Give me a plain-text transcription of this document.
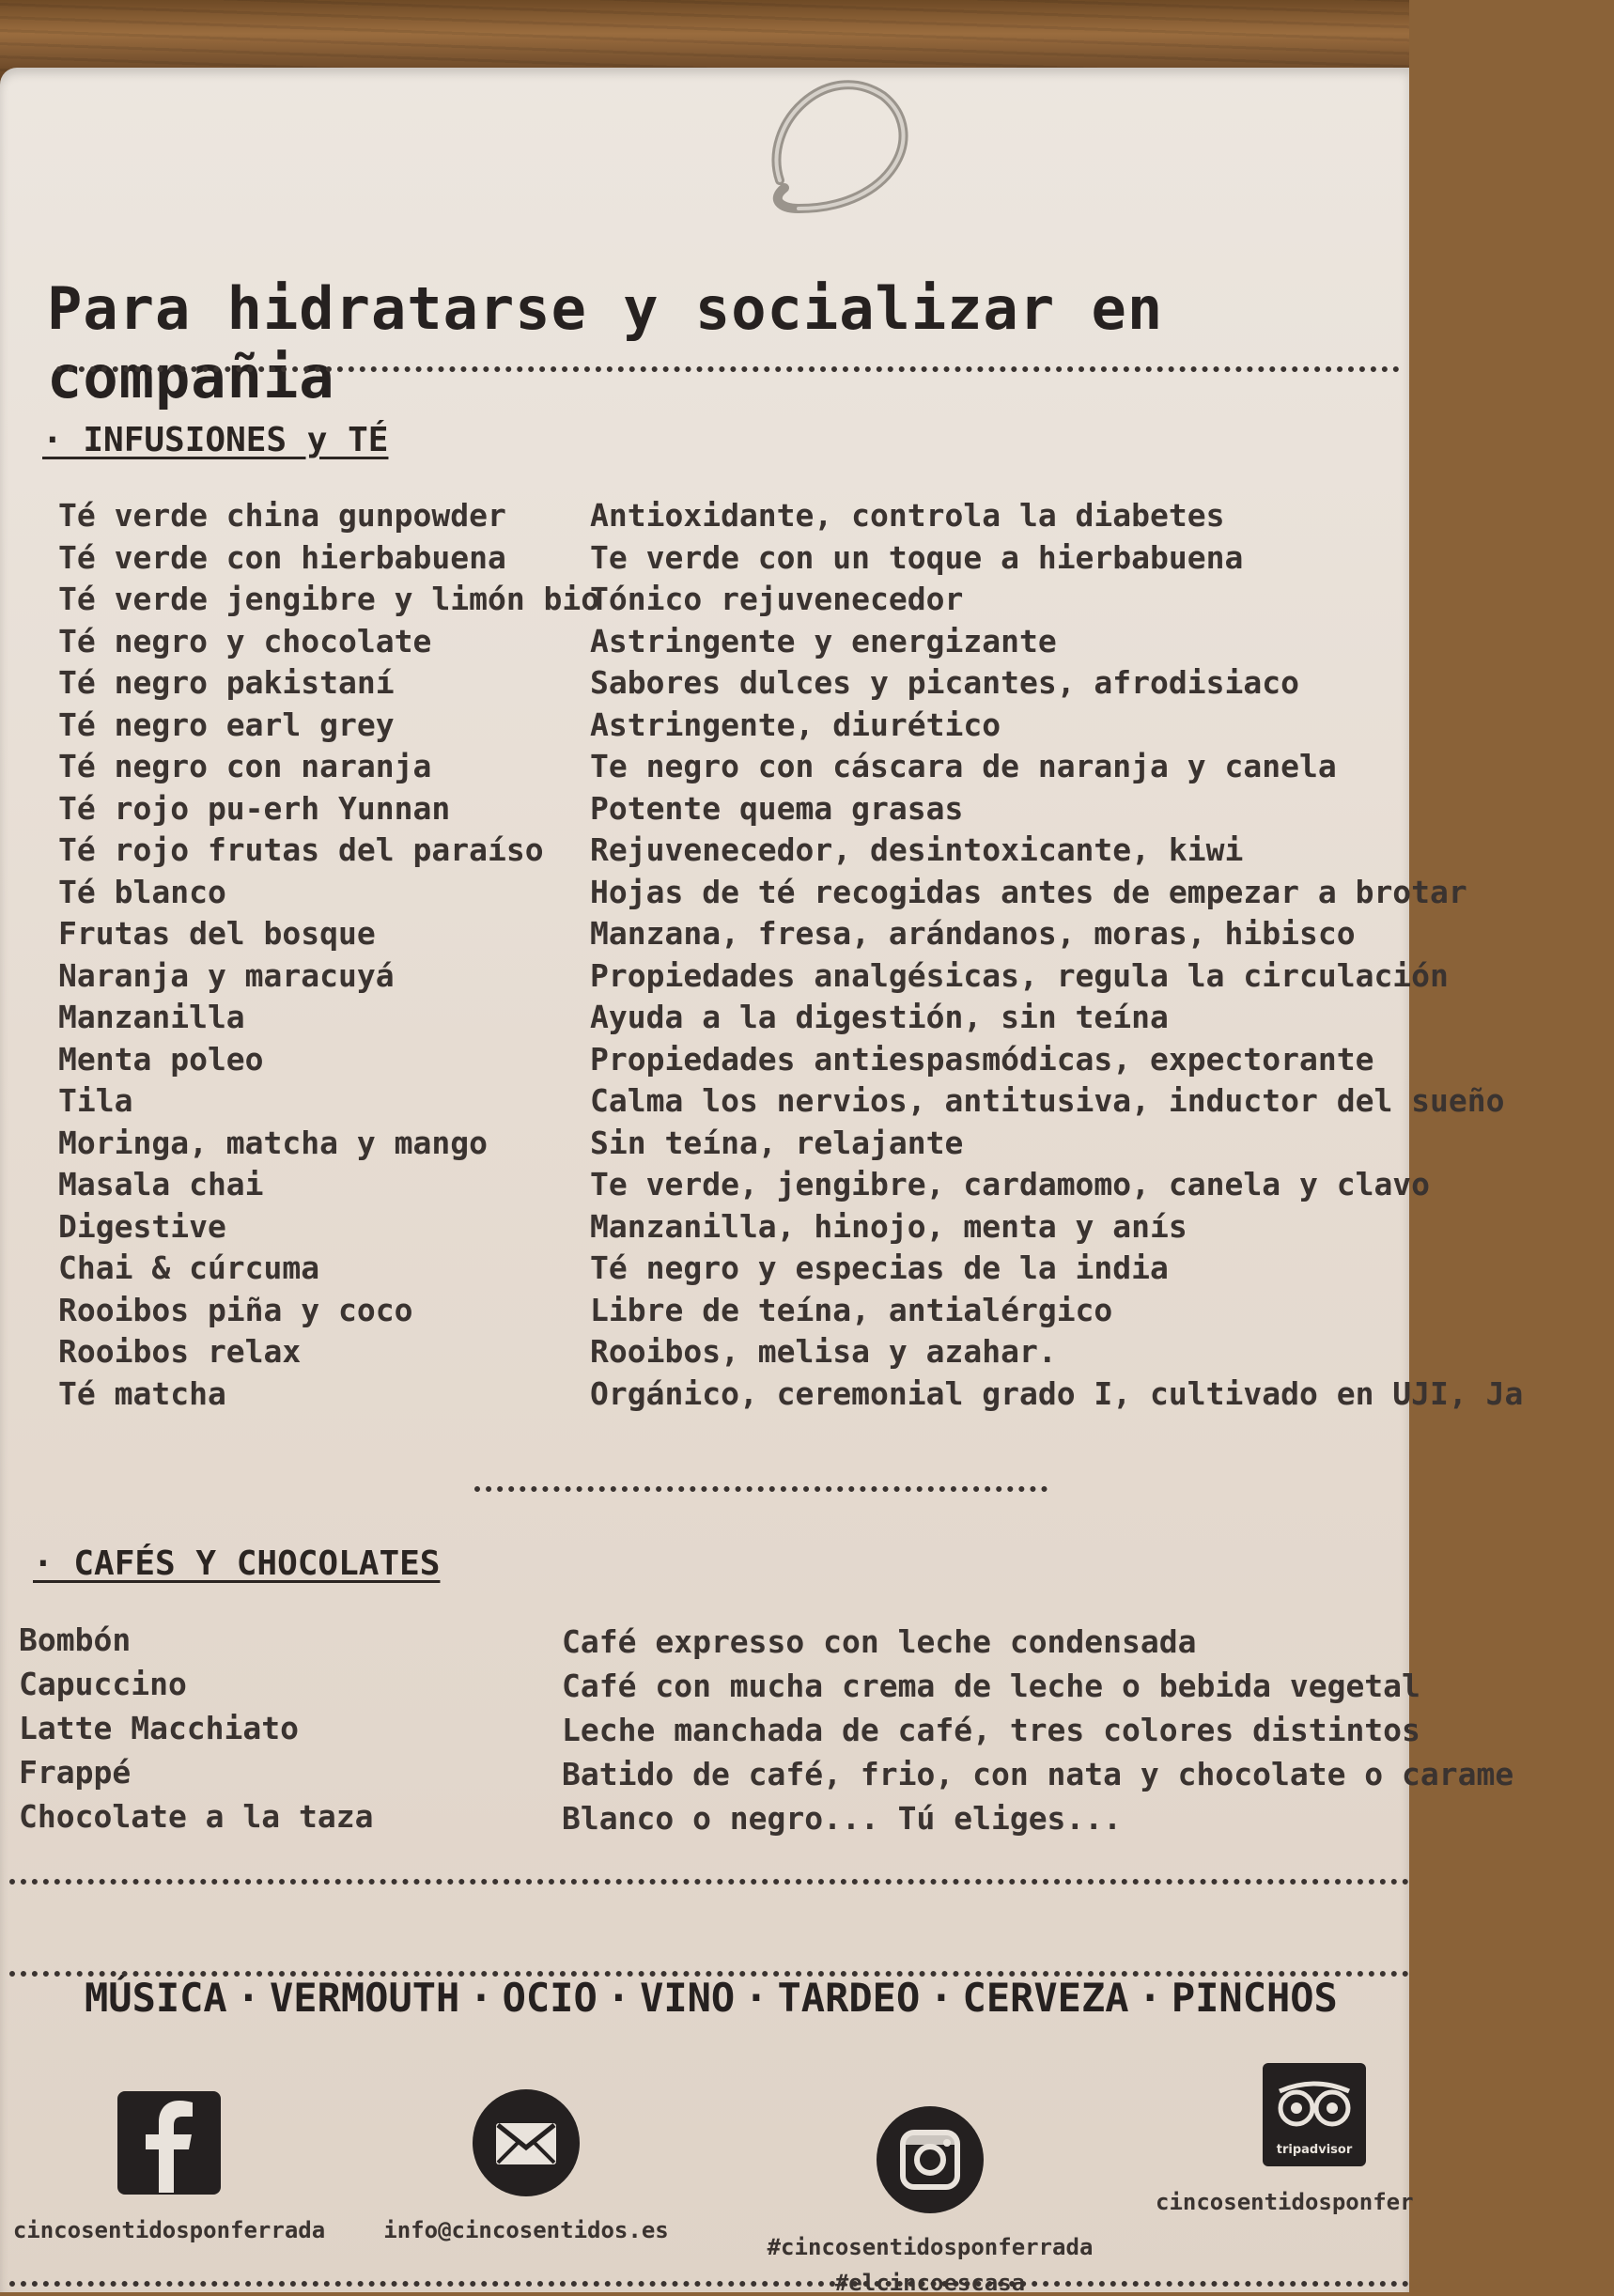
Para hidratarse y socializar en compañia
· INFUSIONES y TÉ
Té verde china gunpowder
Té verde con hierbabuena
Té verde jengibre y limón bio
Té negro y chocolate
Té negro pakistaní
Té negro earl grey
Té negro con naranja
Té rojo pu-erh Yunnan
Té rojo frutas del paraíso
Té blanco
Frutas del bosque
Naranja y maracuyá
Manzanilla
Menta poleo
Tila
Moringa, matcha y mango
Masala chai
Digestive
Chai & cúrcuma
Rooibos piña y coco
Rooibos relax
Té matcha
Antioxidante, controla la diabetes
Te verde con un toque a hierbabuena
Tónico rejuvenecedor
Astringente y energizante
Sabores dulces y picantes, afrodisiaco
Astringente, diurético
Te negro con cáscara de naranja y canela
Potente quema grasas
Rejuvenecedor, desintoxicante, kiwi
Hojas de té recogidas antes de empezar a brotar
Manzana, fresa, arándanos, moras, hibisco
Propiedades analgésicas, regula la circulación
Ayuda a la digestión, sin teína
Propiedades antiespasmódicas, expectorante
Calma los nervios, antitusiva, inductor del sueño
Sin teína, relajante
Te verde, jengibre, cardamomo, canela y clavo
Manzanilla, hinojo, menta y anís
Té negro y especias de la india
Libre de teína, antialérgico
Rooibos, melisa y azahar.
Orgánico, ceremonial grado I, cultivado en UJI, Ja
· CAFÉS Y CHOCOLATES
Bombón
Capuccino
Latte Macchiato
Frappé
Chocolate a la taza
Café expresso con leche condensada
Café con mucha crema de leche o bebida vegetal
Leche manchada de café, tres colores distintos
Batido de café, frio, con nata y chocolate o carame
Blanco o negro... Tú eliges...
MÚSICA · VERMOUTH · OCIO · VINO · TARDEO · CERVEZA · PINCHOS
cincosentidosponferrada	info@cincosentidos.es
#cincosentidosponferrada
#elcincoescasa
tripadvisor
cincosentidosponfer
